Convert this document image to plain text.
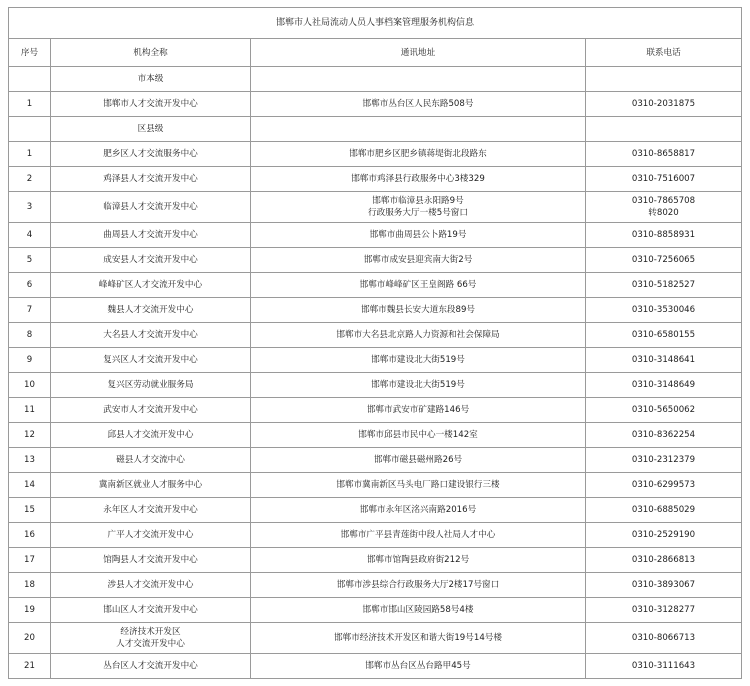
邯郸市人社局流动人员人事档案管理服务机构信息			
序号	机构全称	通讯地址	联系电话
	市本级		

1	邯郸市人才交流开发中心	邯郸市丛台区人民东路508号	0310-2031875

	区县级		

1	肥乡区人才交流服务中心	邯郸市肥乡区肥乡镇蒋堤街北段路东	0310-8658817

2	鸡泽县人才交流开发中心	邯郸市鸡泽县行政服务中心3楼329	0310-7516007

3	临漳县人才交流开发中心	邯郸市临漳县永阳路9号
行政服务大厅一楼5号窗口	0310-7865708
转8020

4	曲周县人才交流开发中心	邯郸市曲周县公卜路19号	0310-8858931

5	成安县人才交流开发中心	邯郸市成安县迎宾南大街2号	0310-7256065

6	峰峰矿区人才交流开发中心	邯郸市峰峰矿区王皇阁路 66号	0310-5182527

7	魏县人才交流开发中心	邯郸市魏县长安大道东段89号	0310-3530046

8	大名县人才交流开发中心	邯郸市大名县北京路人力资源和社会保障局	0310-6580155

9	复兴区人才交流开发中心	邯郸市建设北大街519号	0310-3148641

10	复兴区劳动就业服务局	邯郸市建设北大街519号	0310-3148649

11	武安市人才交流开发中心	邯郸市武安市矿建路146号	0310-5650062

12	邱县人才交流开发中心	邯郸市邱县市民中心一楼142室	0310-8362254

13	磁县人才交流中心	邯郸市磁县磁州路26号	0310-2312379

14	冀南新区就业人才服务中心	邯郸市冀南新区马头电厂路口建设银行三楼	0310-6299573

15	永年区人才交流开发中心	邯郸市永年区洺兴南路2016号	0310-6885029

16	广平人才交流开发中心	邯郸市广平县青莲街中段人社局人才中心	0310-2529190

17	馆陶县人才交流开发中心	邯郸市馆陶县政府街212号	0310-2866813

18	涉县人才交流开发中心	邯郸市涉县综合行政服务大厅2楼17号窗口	0310-3893067

19	邯山区人才交流开发中心	邯郸市邯山区陵园路58号4楼	0310-3128277

20	经济技术开发区
人才交流开发中心	邯郸市经济技术开发区和谐大街19号14号楼	0310-8066713

21	丛台区人才交流开发中心	邯郸市丛台区丛台路甲45号	0310-3111643
